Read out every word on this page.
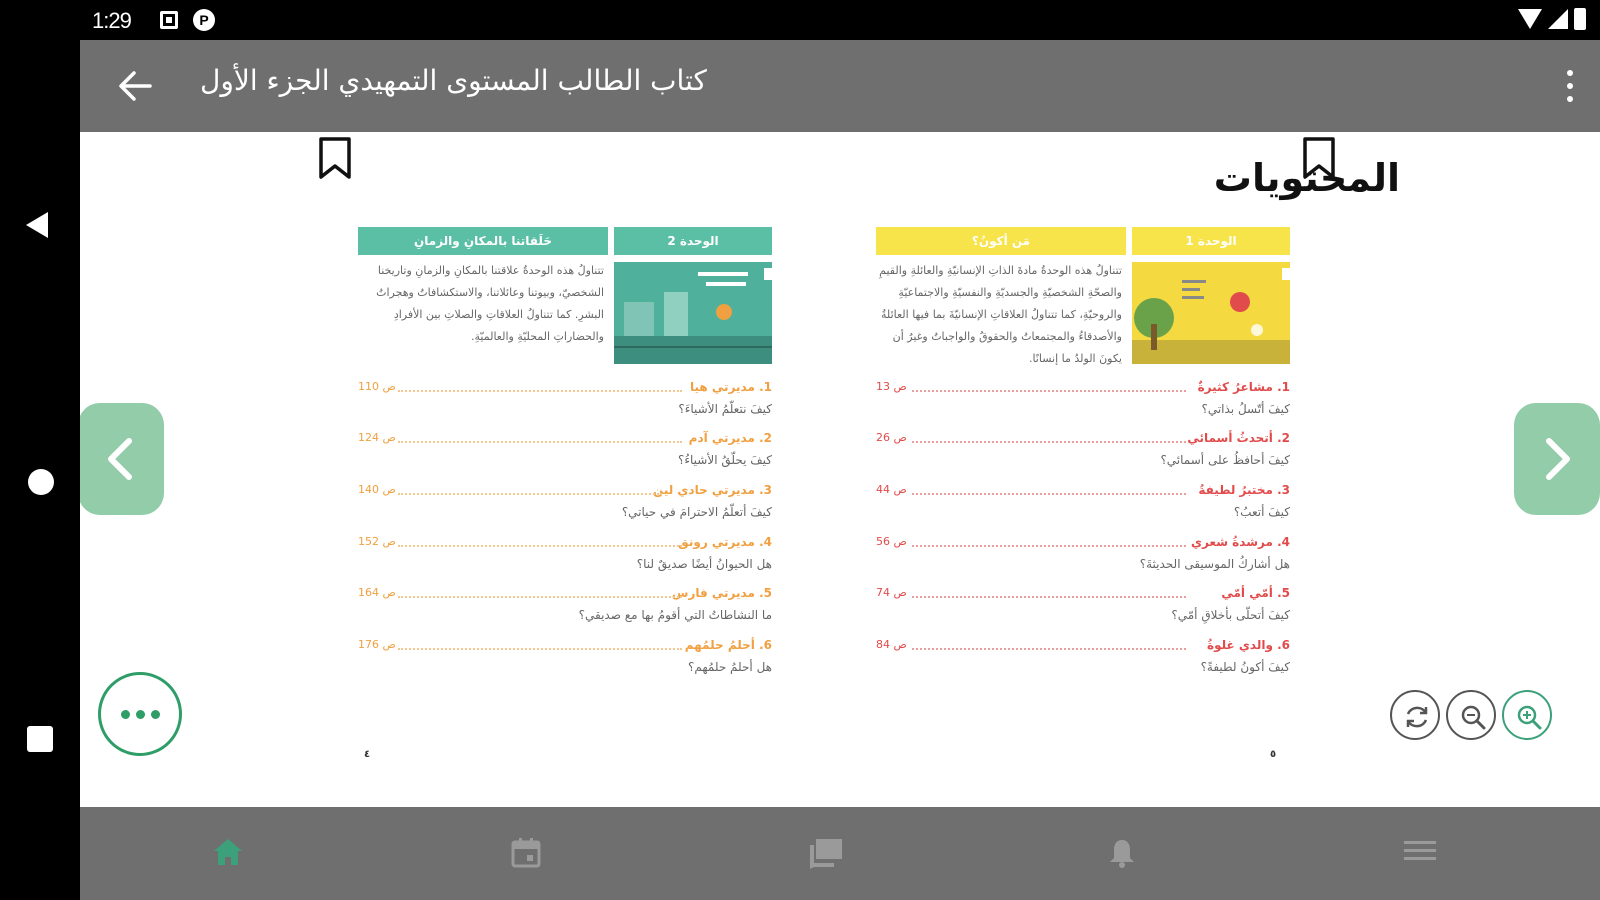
1:29	P
كتاب الطالب المستوى التمهيدي الجزء الأول
المحتويات
الوحدة 1
مَن أكونُ؟
تتناولُ هذه الوحدةُ مادةَ الذاتِ الإنسانيّةِ والعائلةِ والقيمِ والصحّةِ الشخصيّةِ والجسديّةِ والنفسيّةِ والاجتماعيّةِ والروحيّةِ، كما تتناولُ العلاقاتِ الإنسانيّةَ بما فيها العائلةُ والأصدقاءُ والمجتمعاتُ والحقوقُ والواجباتُ وغيرُ أن يكونَ الولدُ ما إنسانًا.
1. مشاعرُ كثيرةٌ
ص 13
كيفَ أتّسلُ بذاتي؟
2. أتحدثُ أسمائي
ص 26
كيفَ أحافظُ على أسمائي؟
3. مختبرُ لطيفةُ
ص 44
كيفَ أتعبُ؟
4. مرشدةُ شعري
ص 56
هل أشاركُ الموسيقى الحديثةَ؟
5. أمّي أمّي
ص 74
كيفَ أتحلّى بأخلاقِ أمّي؟
6. والدي غلوةُ
ص 84
كيفَ أكونُ لطيفةً؟
٥
الوحدة 2
حَلَقاتنا بالمكانِ والزمانِ
تتناولُ هذه الوحدةُ علاقتنا بالمكانِ والزمانِ وتاريخنا الشخصيّ، وبيوتنا وعائلاتنا، والاستكشافاتُ وهجراتُ البشرِ. كما تتناولُ العلاقاتِ والصلاتِ بين الأفرادِ والحضاراتِ المحليّةِ والعالميّةِ.
1. مديرتي هيا
ص 110
كيفَ نتعلّمُ الأشياءَ؟
2. مديرتي آدم
ص 124
كيفَ يحلّقُ الأشياءُ؟
3. مديرتي حادي لين
ص 140
كيفَ أتعلّمُ الاحترامَ في حياتي؟
4. مديرتي رونق
ص 152
هل الحيوانُ أيضًا صديقٌ لنا؟
5. مديرتي فارس
ص 164
ما النشاطاتُ التي أقومُ بها مع صديقي؟
6. أحلمُ حلمُهم
ص 176
هل أحلمُ حلمُهم؟
٤
